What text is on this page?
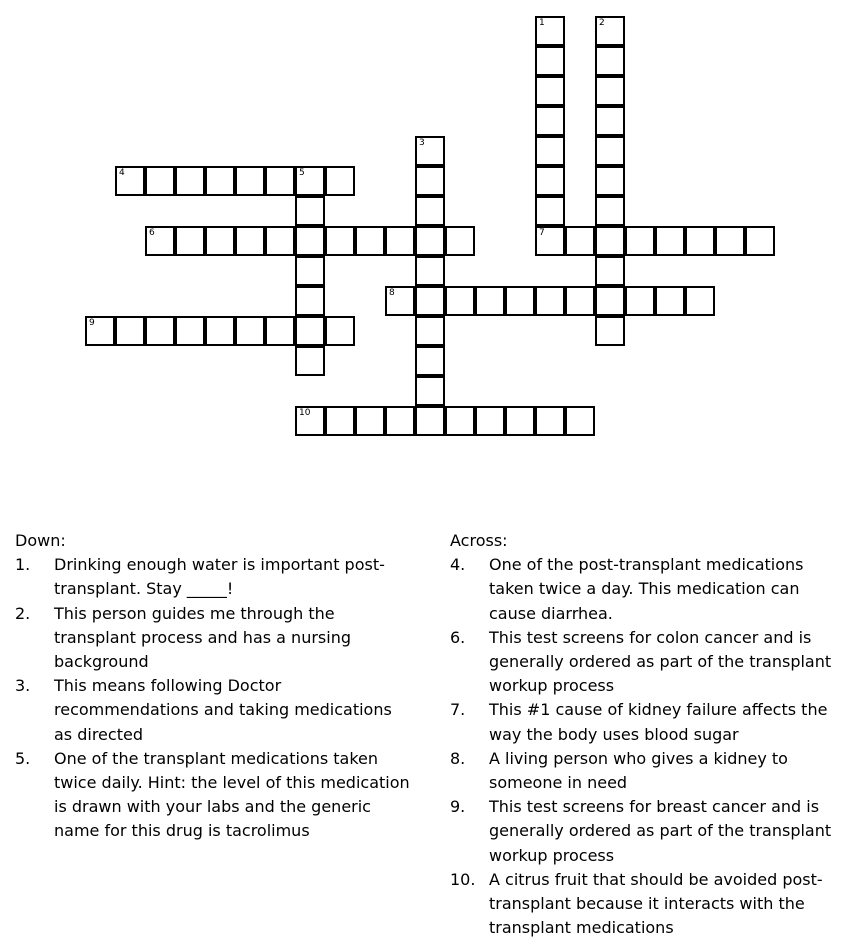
1	2
3
4	5
6	7
8
9
10
Down:
1.	Drinking enough water is important post-transplant. Stay _____!
2.	This person guides me through the transplant process and has a nursing background
3.	This means following Doctor recommendations and taking medications as directed
5.	One of the transplant medications taken twice daily. Hint: the level of this medication is drawn with your labs and the generic name for this drug is tacrolimus
Across:
4.	One of the post-transplant medications taken twice a day. This medication can cause diarrhea.
6.	This test screens for colon cancer and is generally ordered as part of the transplant workup process
7.	This #1 cause of kidney failure affects the way the body uses blood sugar
8.	A living person who gives a kidney to someone in need
9.	This test screens for breast cancer and is generally ordered as part of the transplant workup process
10. A citrus fruit that should be avoided post-transplant because it interacts with the transplant medications
